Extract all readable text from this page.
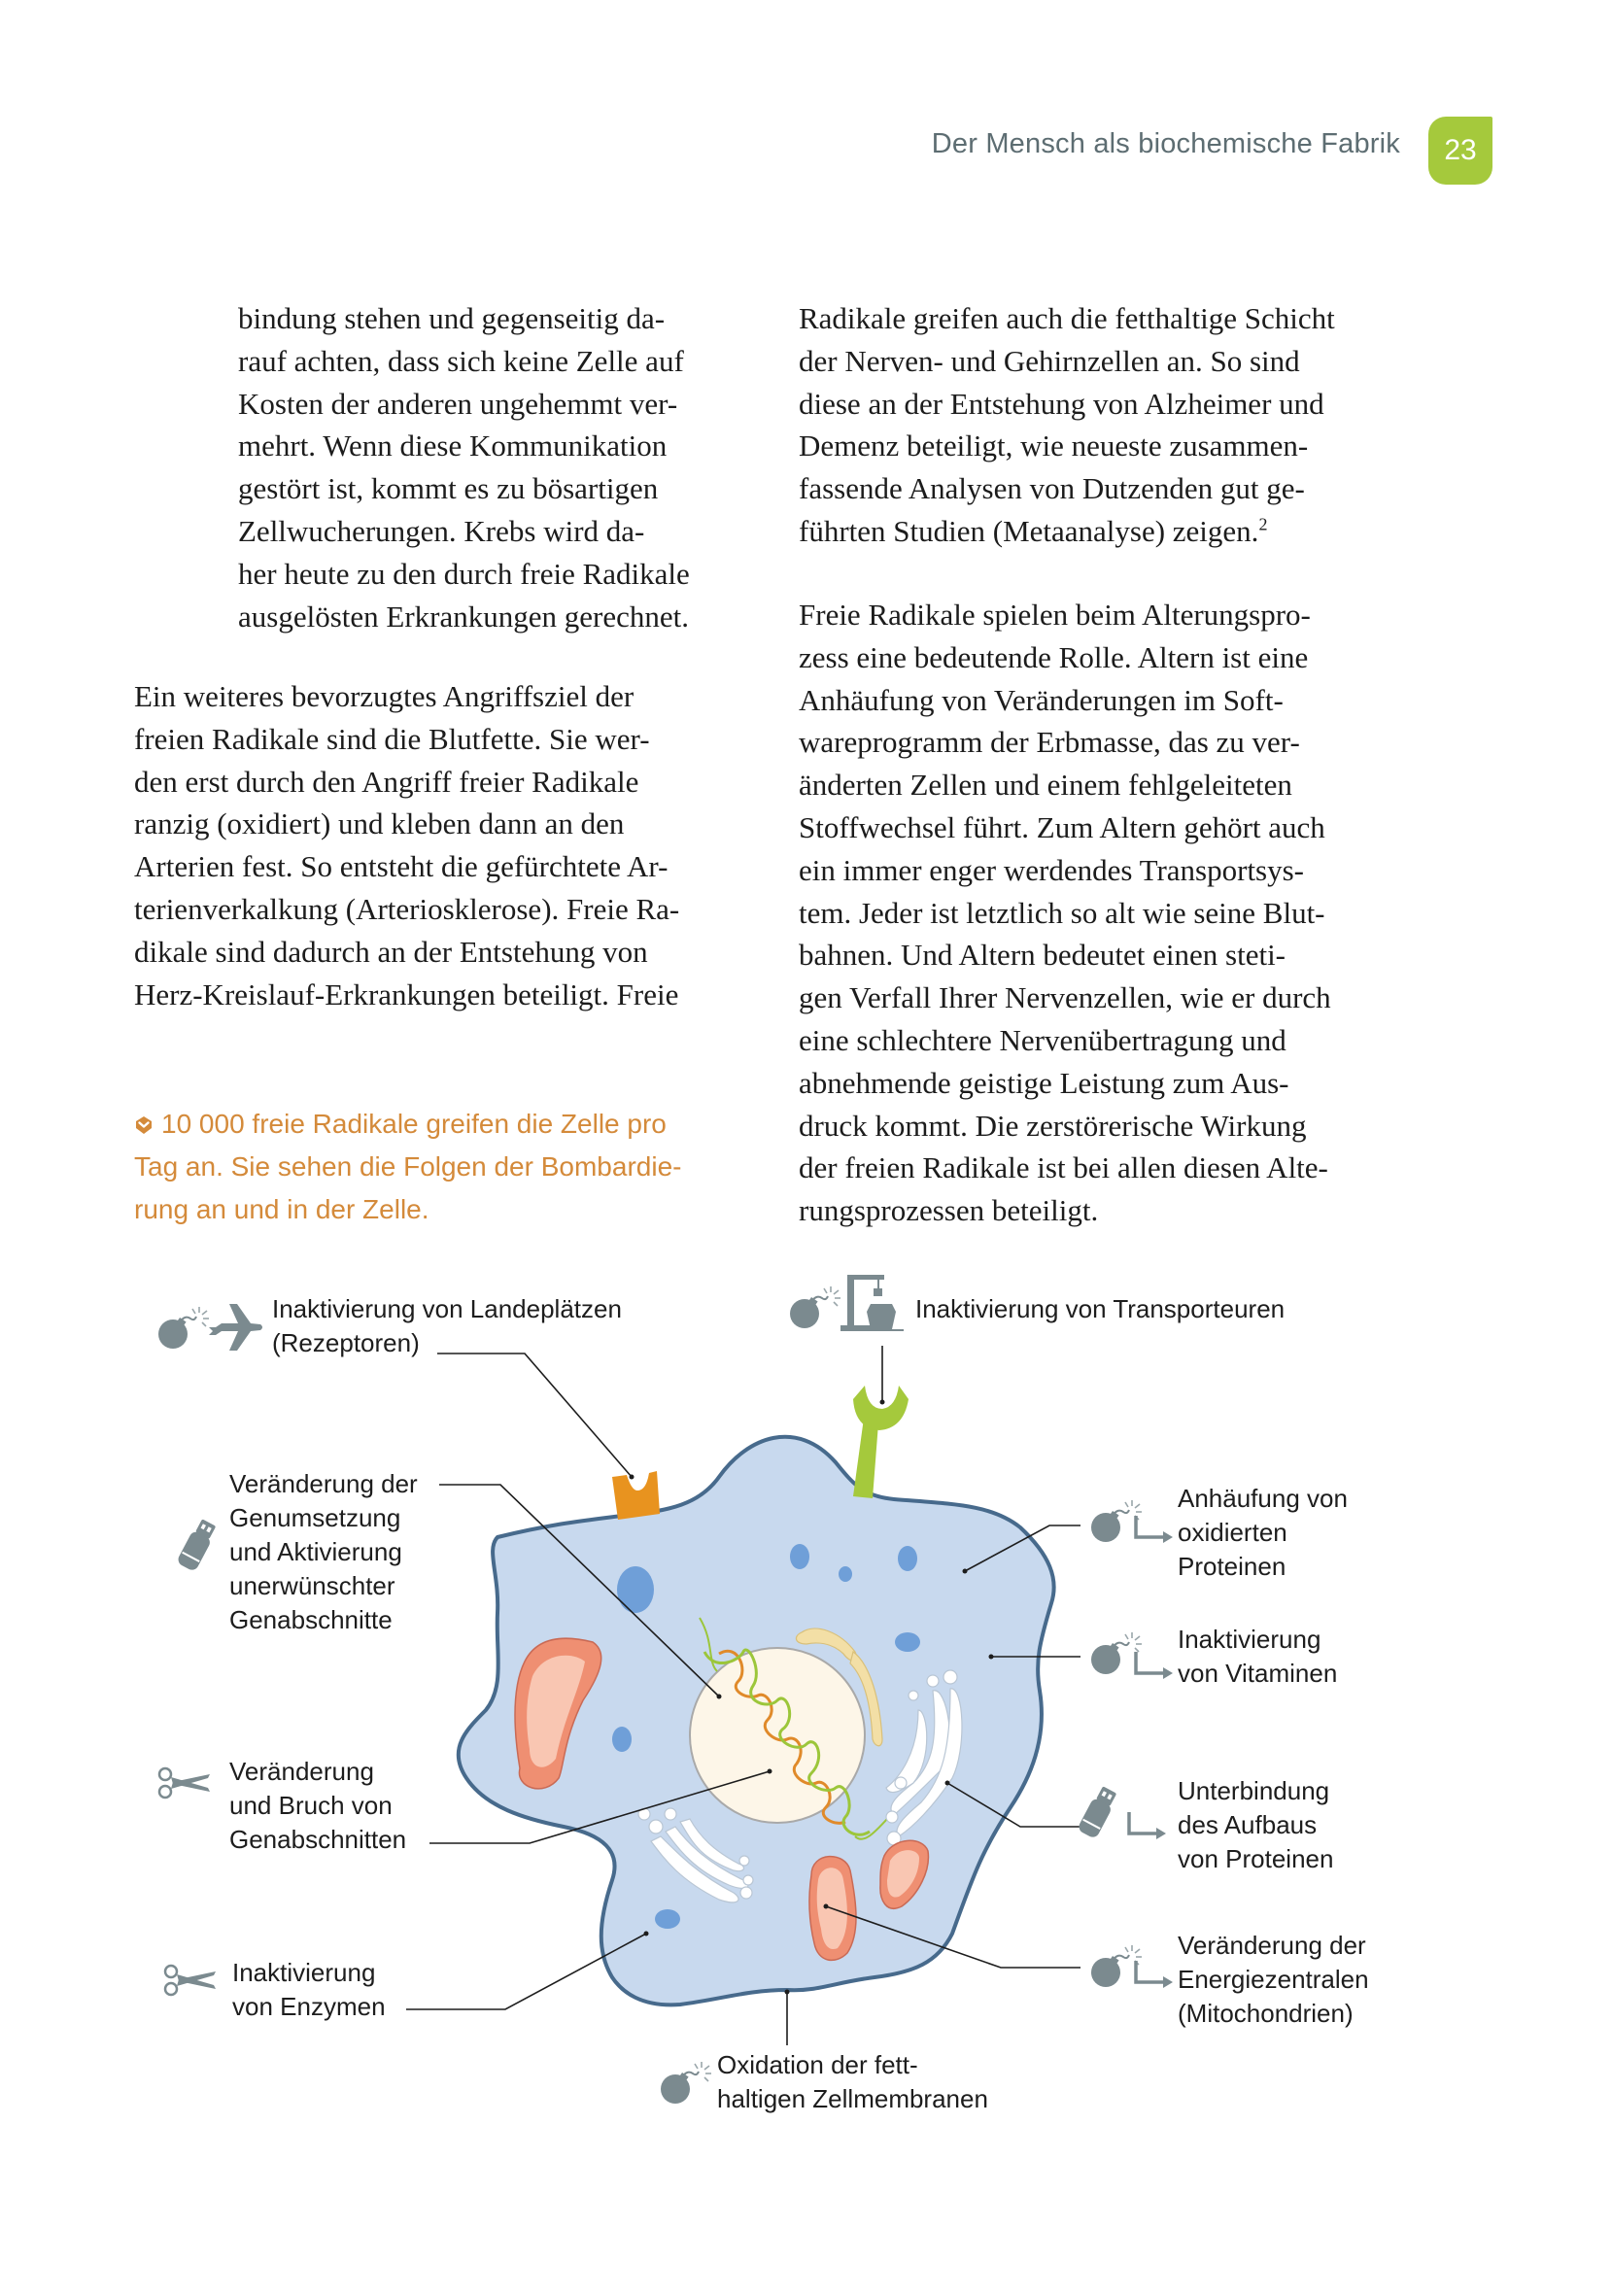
Der Mensch als biochemische Fabrik 23
bindung stehen und gegenseitig da-
rauf achten, dass sich keine Zelle auf
Kosten der anderen ungehemmt ver-
mehrt. Wenn diese Kommunikation
gestört ist, kommt es zu bösartigen
Zellwucherungen. Krebs wird da-
her heute zu den durch freie Radikale
ausgelösten Erkrankungen gerechnet.
Ein weiteres bevorzugtes Angriffsziel der
freien Radikale sind die Blutfette. Sie wer-
den erst durch den Angriff freier Radikale
ranzig (oxidiert) und kleben dann an den
Arterien fest. So entsteht die gefürchtete Ar-
terienverkalkung (Arteriosklerose). Freie Ra-
dikale sind dadurch an der Entstehung von
Herz-Kreislauf-Erkrankungen beteiligt. Freie
10 000 freie Radikale greifen die Zelle pro
Tag an. Sie sehen die Folgen der Bombardie-
rung an und in der Zelle.
Radikale greifen auch die fetthaltige Schicht
der Nerven- und Gehirnzellen an. So sind
diese an der Entstehung von Alzheimer und
Demenz beteiligt, wie neueste zusammen-
fassende Analysen von Dutzenden gut ge-
führten Studien (Metaanalyse) zeigen.$^2$
Freie Radikale spielen beim Alterungspro-
zess eine bedeutende Rolle. Altern ist eine
Anhäufung von Veränderungen im Soft-
wareprogramm der Erbmasse, das zu ver-
änderten Zellen und einem fehlgeleiteten
Stoffwechsel führt. Zum Altern gehört auch
ein immer enger werdendes Transportsys-
tem. Jeder ist letztlich so alt wie seine Blut-
bahnen. Und Altern bedeutet einen steti-
gen Verfall Ihrer Nervenzellen, wie er durch
eine schlechtere Nervenübertragung und
abnehmende geistige Leistung zum Aus-
druck kommt. Die zerstörerische Wirkung
der freien Radikale ist bei allen diesen Alte-
rungsprozessen beteiligt.
Inaktivierung von Landeplätzen
(Rezeptoren)
Inaktivierung von Transporteuren
Veränderung der
Genumsetzung
und Aktivierung
unerwünschter
Genabschnitte
Veränderung
und Bruch von
Genabschnitten
Inaktivierung
von Enzymen
Oxidation der fett-
haltigen Zellmembranen
Anhäufung von
oxidierten
Proteinen
Inaktivierung
von Vitaminen
Unterbindung
des Aufbaus
von Proteinen
Veränderung der
Energiezentralen
(Mitochondrien)
